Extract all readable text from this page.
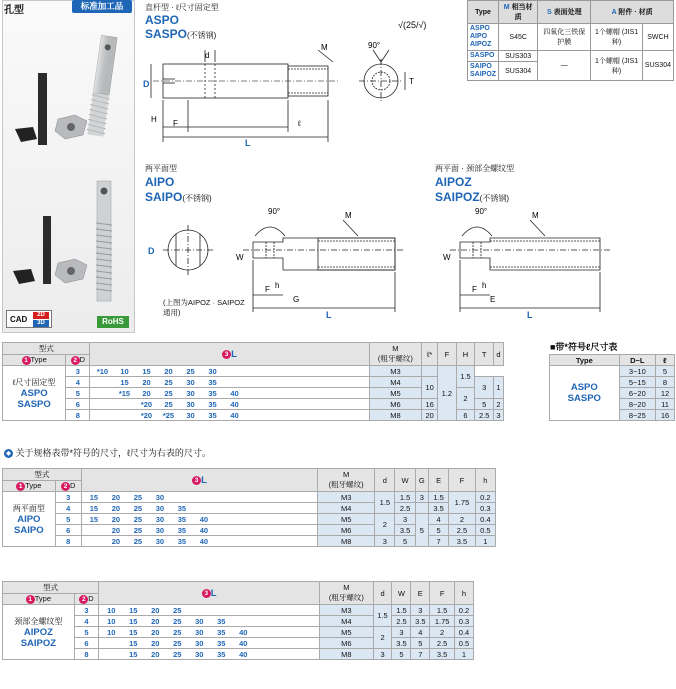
孔型	标准加工品
CAD	2D
3D	RoHS
直杆型 · ℓ尺寸固定型
ASPO
SASPO(不锈钢)
√(25/√)
d
M
H F	ℓ
L
D
90°
T
Type	M 相当材质	S 表面处理	A 附件 · 材质	
ASPO
AIPO
AIPOZ	S45C	四氧化三铁保护膜	1个螺帽 (JIS1种)	SWCH
SASPO	SUS303	—	1个螺帽 (JIS1种)	SUS304
SAIPO
SAIPOZ	SUS304			
两平面型
AIPO
SAIPO(不锈钢)
(上图为AIPOZ · SAIPOZ通用)
D
90°	M
W
F
G
h
L
两平面 · 颈部全螺纹型
AIPOZ
SAIPOZ(不锈钢)
90°	M
W
F
E
h
L
型式		3 L	M
(粗牙螺纹)	ℓ*	F	H	T	d
1 Type	2 D							

ℓ尺寸固定型
ASPO
SASPO	3	*10 10 15 20 25 30	M3		1.2	1.5		
	4	15 20 25 30 35	M4	10			3	1
	5	*15 20 25 30 35 40	M5			2		
	6	*20 25 30 35 40	M6	16			5	2
	8	*20 *25 30 35 40	M8	20		6	2.5	3
◆ 关于规格表带*符号的尺寸，ℓ尺寸为右表的尺寸。
■带*符号ℓ尺寸表
Type	D−L	ℓ

ASPO
SASPO	3−10	5
	5−15	8
	6−20	12
	8−20	11
	8−25	16
型式		3 L	M
(粗牙螺纹)	d	W	G	E	F	h
1 Type	2 D								

两平面型
AIPO
SAIPO	3	15 20 25 30	M3	1.5	1.5	3	1.5	1.75	0.2
	4	15 20 25 30 35	M4		2.5		3.5		0.3
	5	15 20 25 30 35 40	M5	2	3	5	4	2	0.4
	6	20 25 30 35 40	M6		3.5		5	2.5	0.5
	8	20 25 30 35 40	M8	3	5		7	3.5	1
型式		3 L	M
(粗牙螺纹)	d	W	E	F	h
1 Type	2 D							

颈部全螺纹型
AIPOZ
SAIPOZ	3	10 15 20 25	M3	1.5	1.5	3	1.5	0.2
	4	10 15 20 25 30 35	M4		2.5	3.5	1.75	0.3
	5	10 15 20 25 30 35 40	M5	2	3	4	2	0.4
	6	15 20 25 30 35 40	M6		3.5	5	2.5	0.5
	8	15 20 25 30 35 40	M8	3	5	7	3.5	1
